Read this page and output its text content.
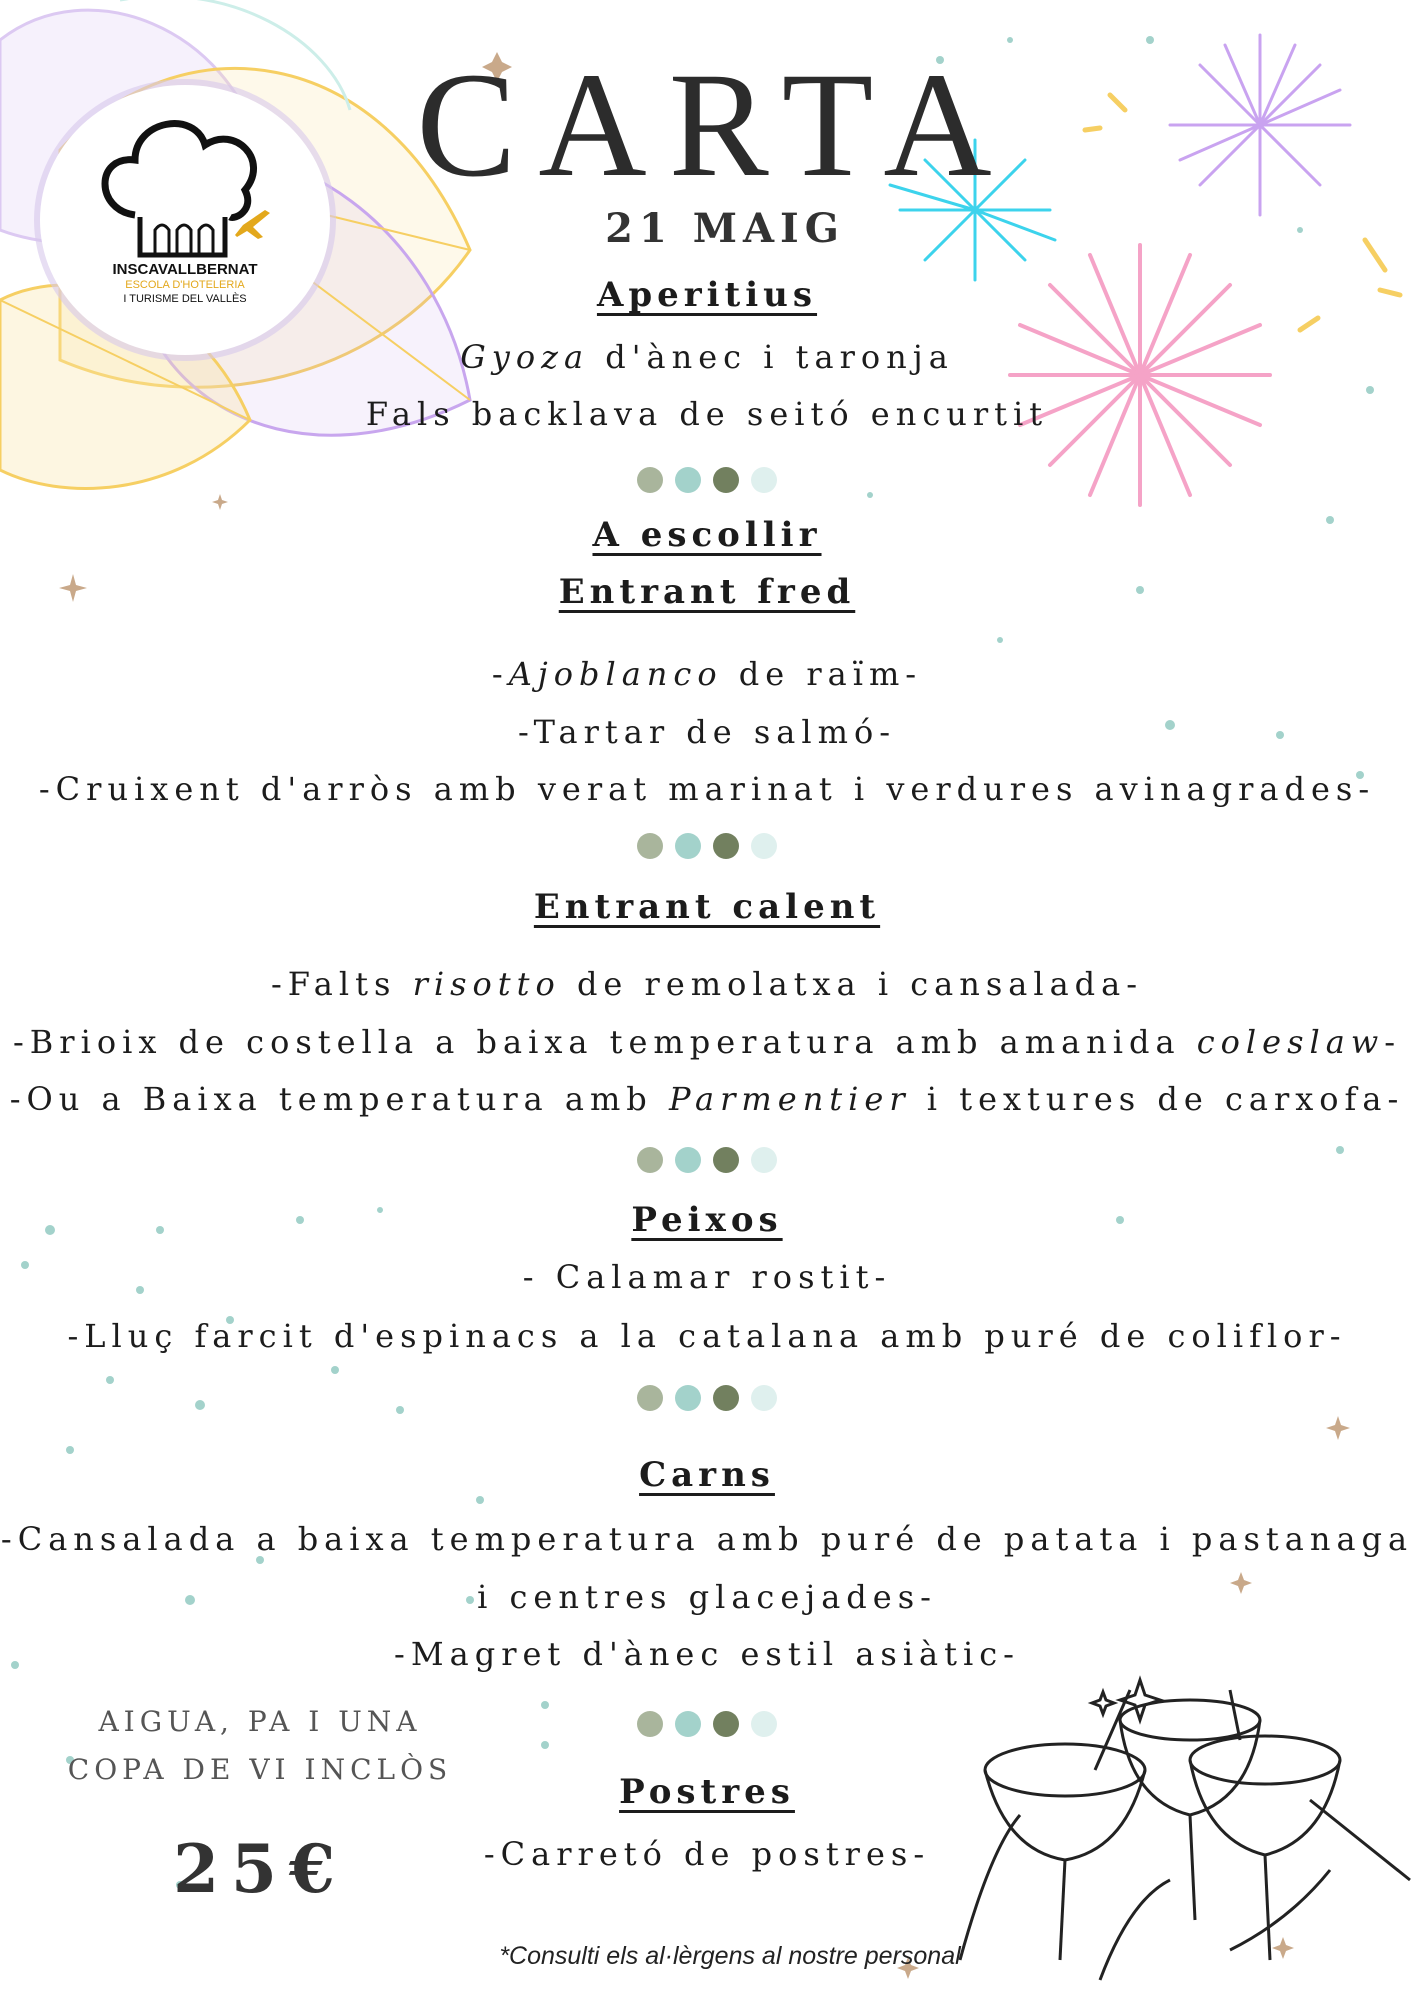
INSCAVALLBERNAT
ESCOLA D'HOTELERIA
I TURISME DEL VALLÈS
CARTA
21 MAIG
Aperitius
Gyoza d'ànec i taronja
Fals backlava de seitó encurtit
A escollir
Entrant fred
-Ajoblanco de raïm-
-Tartar de salmó-
-Cruixent d'arròs amb verat marinat i verdures avinagrades-
Entrant calent
-Falts risotto de remolatxa i cansalada-
-Brioix de costella a baixa temperatura amb amanida coleslaw-
-Ou a Baixa temperatura amb Parmentier i textures de carxofa-
Peixos
- Calamar rostit-
-Lluç farcit d'espinacs a la catalana amb puré de coliflor-
Carns
-Cansalada a baixa temperatura amb puré de patata i pastanaga
i centres glacejades-
-Magret d'ànec estil asiàtic-
Postres
-Carretó de postres-
AIGUA, PA I UNA
COPA DE VI INCLÒS
25€
*Consulti els al·lèrgens al nostre personal
